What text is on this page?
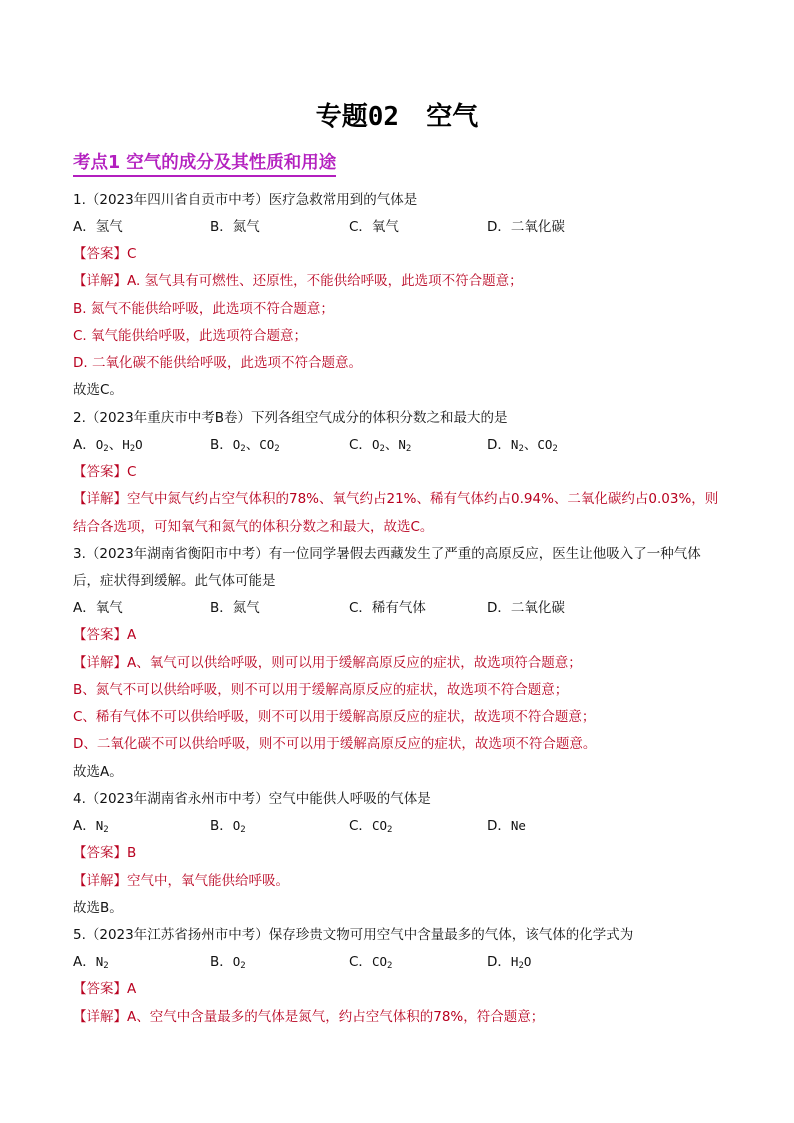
专题02 空气
考点1 空气的成分及其性质和用途
1.（2023年四川省自贡市中考）医疗急救常用到的气体是
A．氢气	B．氮气	C．氧气	D．二氧化碳
【答案】C
【详解】A. 氢气具有可燃性、还原性，不能供给呼吸，此选项不符合题意；
B. 氮气不能供给呼吸，此选项不符合题意；
C. 氧气能供给呼吸，此选项符合题意；
D. 二氧化碳不能供给呼吸，此选项不符合题意。
故选C。
2.（2023年重庆市中考B卷）下列各组空气成分的体积分数之和最大的是
A．$O_2$、$H_2O$	B．$O_2$、$CO_2$	C．$O_2$、$N_2$	D．$N_2$、$CO_2$
【答案】C
【详解】空气中氮气约占空气体积的78%、氧气约占21%、稀有气体约占0.94%、二氧化碳约占0.03%，则
结合各选项，可知氧气和氮气的体积分数之和最大，故选C。
3.（2023年湖南省衡阳市中考）有一位同学暑假去西藏发生了严重的高原反应，医生让他吸入了一种气体
后，症状得到缓解。此气体可能是
A．氧气	B．氮气	C．稀有气体	D．二氧化碳
【答案】A
【详解】A、氧气可以供给呼吸，则可以用于缓解高原反应的症状，故选项符合题意；
B、氮气不可以供给呼吸，则不可以用于缓解高原反应的症状，故选项不符合题意；
C、稀有气体不可以供给呼吸，则不可以用于缓解高原反应的症状，故选项不符合题意；
D、二氧化碳不可以供给呼吸，则不可以用于缓解高原反应的症状，故选项不符合题意。
故选A。
4.（2023年湖南省永州市中考）空气中能供人呼吸的气体是
A．$N_2$	B．$O_2$	C．$CO_2$	D．Ne
【答案】B
【详解】空气中，氧气能供给呼吸。
故选B。
5.（2023年江苏省扬州市中考）保存珍贵文物可用空气中含量最多的气体，该气体的化学式为
A．$N_2$	B．$O_2$	C．$CO_2$	D．$H_2O$
【答案】A
【详解】A、空气中含量最多的气体是氮气，约占空气体积的78%，符合题意；
